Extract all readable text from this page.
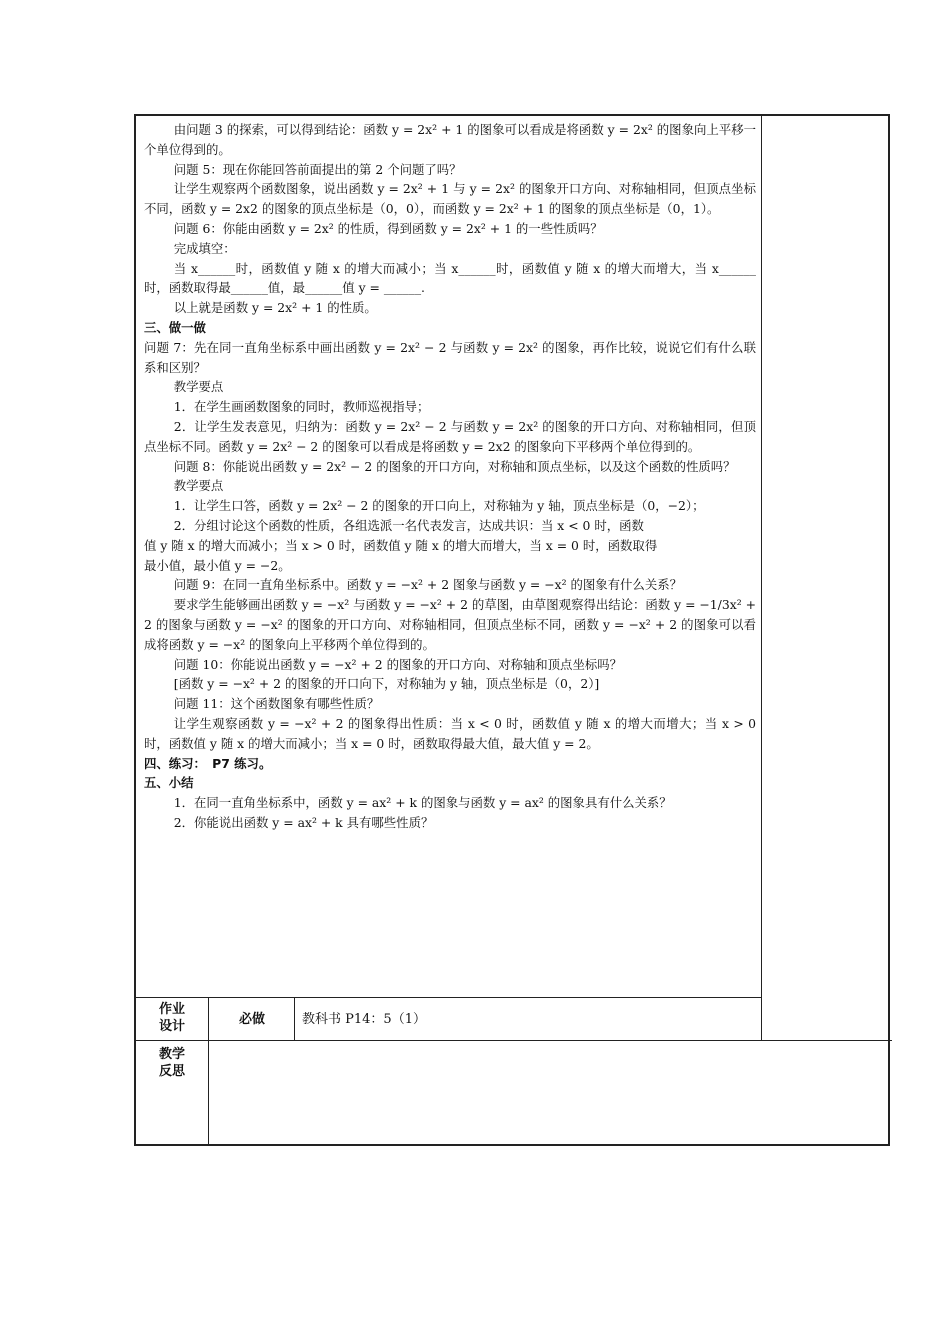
由问题 3 的探索，可以得到结论：函数 y = 2x² + 1 的图象可以看成是将函数 y = 2x² 的图象向上平移一个单位得到的。

问题 5：现在你能回答前面提出的第 2 个问题了吗？

让学生观察两个函数图象，说出函数 y = 2x² + 1 与 y = 2x² 的图象开口方向、对称轴相同，但顶点坐标不同，函数 y = 2x2 的图象的顶点坐标是（0，0），而函数 y = 2x² + 1 的图象的顶点坐标是（0，1）。

问题 6：你能由函数 y = 2x² 的性质，得到函数 y = 2x² + 1 的一些性质吗？

完成填空：

当 x______时，函数值 y 随 x 的增大而减小；当 x______时，函数值 y 随 x 的增大而增大，当 x______时，函数取得最______值，最______值 y = ______.

以上就是函数 y = 2x² + 1 的性质。

三、做一做

问题 7：先在同一直角坐标系中画出函数 y = 2x² − 2 与函数 y = 2x² 的图象，再作比较，说说它们有什么联系和区别？

教学要点

1．在学生画函数图象的同时，教师巡视指导；

2．让学生发表意见，归纳为：函数 y = 2x² − 2 与函数 y = 2x² 的图象的开口方向、对称轴相同，但顶点坐标不同。函数 y = 2x² − 2 的图象可以看成是将函数 y = 2x2 的图象向下平移两个单位得到的。

问题 8：你能说出函数 y = 2x² − 2 的图象的开口方向，对称轴和顶点坐标，以及这个函数的性质吗？

教学要点

1．让学生口答，函数 y = 2x² − 2 的图象的开口向上，对称轴为 y 轴，顶点坐标是（0，−2）；

2．分组讨论这个函数的性质，各组选派一名代表发言，达成共识：当 x < 0 时，函数

值 y 随 x 的增大而减小；当 x > 0 时，函数值 y 随 x 的增大而增大，当 x = 0 时，函数取得

最小值，最小值 y = −2。

问题 9：在同一直角坐标系中。函数 y = −x² + 2 图象与函数 y = −x² 的图象有什么关系？

要求学生能够画出函数 y = −x² 与函数 y = −x² + 2 的草图，由草图观察得出结论：函数 y = −1/3x² + 2 的图象与函数 y = −x² 的图象的开口方向、对称轴相同，但顶点坐标不同，函数 y = −x² + 2 的图象可以看成将函数 y = −x² 的图象向上平移两个单位得到的。

问题 10：你能说出函数 y = −x² + 2 的图象的开口方向、对称轴和顶点坐标吗？

[函数 y = −x² + 2 的图象的开口向下，对称轴为 y 轴，顶点坐标是（0，2）]

问题 11：这个函数图象有哪些性质？

让学生观察函数 y = −x² + 2 的图象得出性质：当 x < 0 时，函数值 y 随 x 的增大而增大；当 x > 0 时，函数值 y 随 x 的增大而减小；当 x = 0 时，函数取得最大值，最大值 y = 2。

四、练习：　P7 练习。

五、小结

1．在同一直角坐标系中，函数 y = ax² + k 的图象与函数 y = ax² 的图象具有什么关系？

2．你能说出函数 y = ax² + k 具有哪些性质？

作业设计	必做	教科书 P14：5（1）
教学反思
